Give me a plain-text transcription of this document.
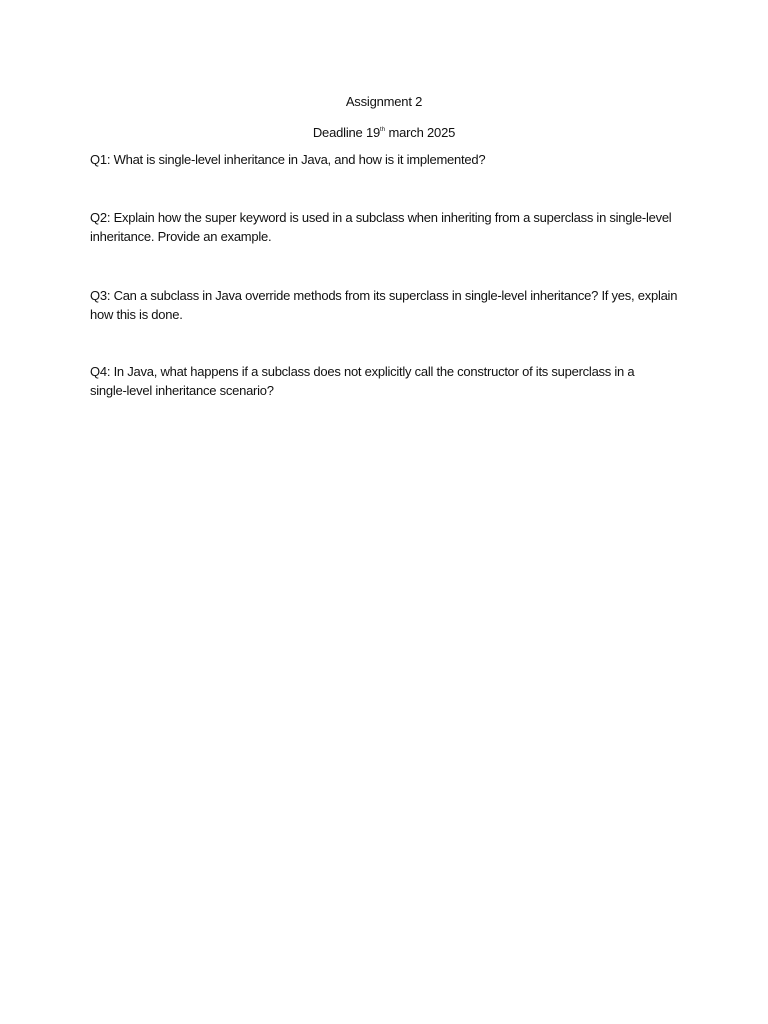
Assignment 2
Deadline 19th march 2025

Q1: What is single-level inheritance in Java, and how is it implemented?

Q2: Explain how the super keyword is used in a subclass when inheriting from a superclass in single-level
inheritance. Provide an example.

Q3: Can a subclass in Java override methods from its superclass in single-level inheritance? If yes, explain
how this is done.

Q4: In Java, what happens if a subclass does not explicitly call the constructor of its superclass in a
single-level inheritance scenario?
